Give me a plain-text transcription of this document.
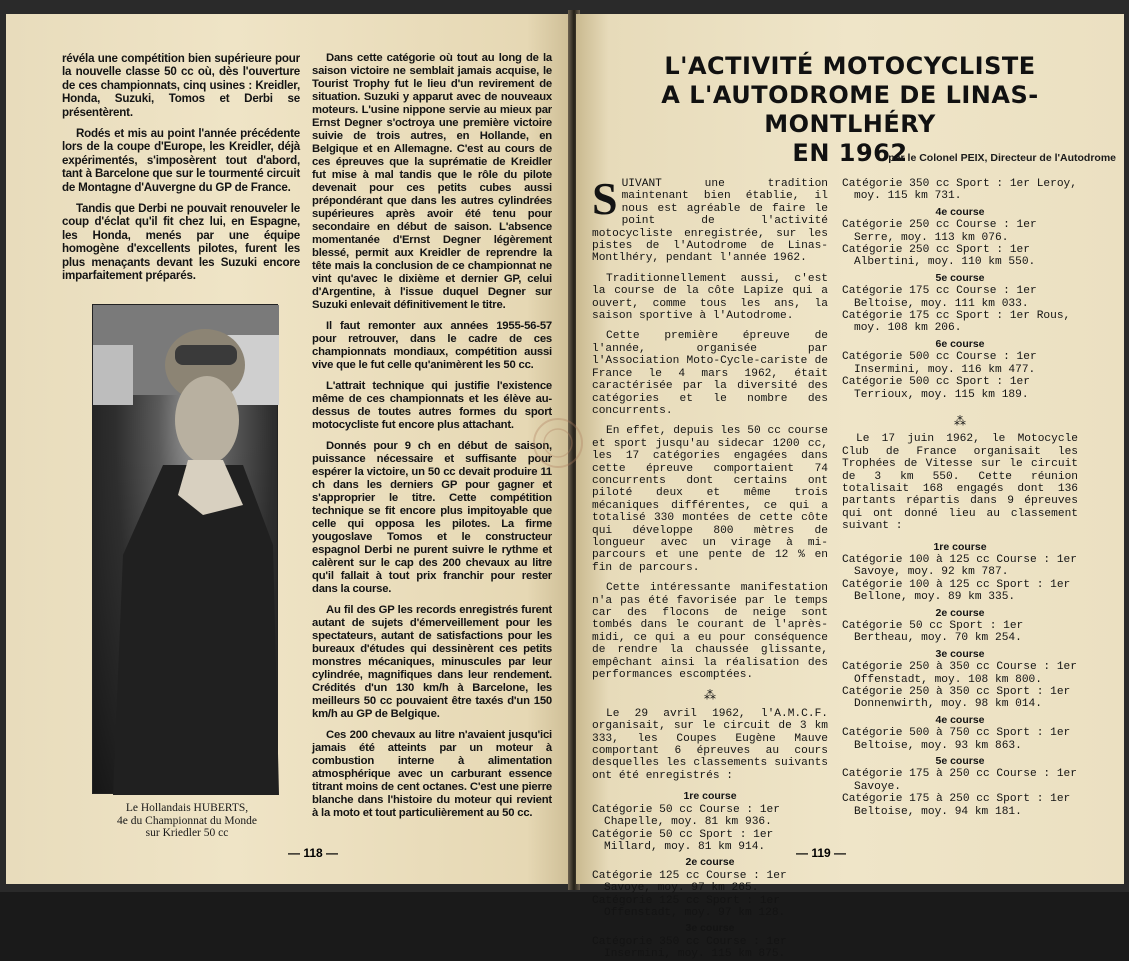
révéla une compétition bien supérieure pour la nouvelle classe 50 cc où, dès l'ouverture de ces championnats, cinq usines : Kreidler, Honda, Suzuki, Tomos et Derbi se présentèrent.

Rodés et mis au point l'année précédente lors de la coupe d'Europe, les Kreidler, déjà expérimentés, s'imposèrent tout d'abord, tant à Barcelone que sur le tourmenté circuit de Montagne d'Auvergne du GP de France.

Tandis que Derbi ne pouvait renouveler le coup d'éclat qu'il fit chez lui, en Espagne, les Honda, menés par une équipe homogène d'excellents pilotes, furent les plus menaçants devant les Suzuki encore imparfaitement préparés.

Dans cette catégorie où tout au long de la saison victoire ne semblait jamais acquise, le Tourist Trophy fut le lieu d'un revirement de situation. Suzuki y apparut avec de nouveaux moteurs. L'usine nippone servie au mieux par Ernst Degner s'octroya une première victoire suivie de trois autres, en Hollande, en Belgique et en Allemagne. C'est au cours de ces épreuves que la suprématie de Kreidler fut mise à mal tandis que le rôle du pilote devenait pour ces petits cubes aussi prépondérant que dans les autres cylindrées supérieures après avoir été tenu pour secondaire en début de saison. L'absence momentanée d'Ernst Degner légèrement blessé, permit aux Kreidler de reprendre la tête mais la conclusion de ce championnat ne vint qu'avec le dixième et dernier GP, celui d'Argentine, à l'issue duquel Degner sur Suzuki enlevait définitivement le titre.

Il faut remonter aux années 1955-56-57 pour retrouver, dans le cadre de ces championnats mondiaux, compétition aussi vive que le fut celle qu'animèrent les 50 cc.

L'attrait technique qui justifie l'existence même de ces championnats et les élève au-dessus de toutes autres formes du sport motocycliste fut encore plus attachant.

Donnés pour 9 ch en début de saison, puissance nécessaire et suffisante pour espérer la victoire, un 50 cc devait produire 11 ch dans les derniers GP pour gagner et s'approprier le titre. Cette compétition technique se fit encore plus impitoyable que celle qui opposa les pilotes. La firme yougoslave Tomos et le constructeur espagnol Derbi ne purent suivre le rythme et calèrent sur le cap des 200 chevaux au litre qu'il fallait à tout prix franchir pour rester dans la course.

Au fil des GP les records enregistrés furent autant de sujets d'émerveillement pour les spectateurs, autant de satisfactions pour les bureaux d'études qui dessinèrent ces petits monstres mécaniques, minuscules par leur cylindrée, magnifiques dans leur rendement. Crédités d'un 130 km/h à Barcelone, les meilleurs 50 cc pouvaient être taxés d'un 150 km/h au GP de Belgique.

Ces 200 chevaux au litre n'avaient jusqu'ici jamais été atteints par un moteur à combustion interne à alimentation atmosphérique avec un carburant essence titrant moins de cent octanes. C'est une pierre blanche dans l'histoire du moteur qui revient à la moto et tout particulièrement au 50 cc.

Le Hollandais HUBERTS,
4e du Championnat du Monde
sur Kriedler 50 cc
— 118 —
L'ACTIVITÉ MOTOCYCLISTE
A L'AUTODROME DE LINAS-MONTLHÉRY
EN 1962
par le Colonel PEIX, Directeur de l'Autodrome

SUIVANT une tradition maintenant bien établie, il nous est agréable de faire le point de l'activité motocycliste enregistrée, sur les pistes de l'Autodrome de Linas-Montlhéry, pendant l'année 1962.

Traditionnellement aussi, c'est la course de la côte Lapize qui a ouvert, comme tous les ans, la saison sportive à l'Autodrome.

Cette première épreuve de l'année, organisée par l'Association Moto-Cycle-cariste de France le 4 mars 1962, était caractérisée par la diversité des catégories et le nombre des concurrents.

En effet, depuis les 50 cc course et sport jusqu'au sidecar 1200 cc, les 17 catégories engagées dans cette épreuve comportaient 74 concurrents dont certains ont piloté deux et même trois mécaniques différentes, ce qui a totalisé 330 montées de cette côte qui développe 800 mètres de longueur avec un virage à mi-parcours et une pente de 12 % en fin de parcours.

Cette intéressante manifestation n'a pas été favorisée par le temps car des flocons de neige sont tombés dans le courant de l'après-midi, ce qui a eu pour conséquence de rendre la chaussée glissante, empêchant ainsi la réalisation des performances escomptées.

⁂

Le 29 avril 1962, l'A.M.C.F. organisait, sur le circuit de 3 km 333, les Coupes Eugène Mauve comportant 6 épreuves au cours desquelles les classements suivants ont été enregistrés :

1re course

Catégorie 50 cc Course : 1er Chapelle, moy. 81 km 936.

Catégorie 50 cc Sport : 1er Millard, moy. 81 km 914.

2e course

Catégorie 125 cc Course : 1er Savoye, moy. 97 km 265.

Catégorie 125 cc Sport : 1er Offenstadt, moy. 97 km 128.

3e course

Catégorie 350 cc Course : 1er Insermini, moy. 115 km 875.

Catégorie 350 cc Sport : 1er Leroy, moy. 115 km 731.

4e course

Catégorie 250 cc Course : 1er Serre, moy. 113 km 076.

Catégorie 250 cc Sport : 1er Albertini, moy. 110 km 550.

5e course

Catégorie 175 cc Course : 1er Beltoise, moy. 111 km 033.

Catégorie 175 cc Sport : 1er Rous, moy. 108 km 206.

6e course

Catégorie 500 cc Course : 1er Insermini, moy. 116 km 477.

Catégorie 500 cc Sport : 1er Terrioux, moy. 115 km 189.

⁂

Le 17 juin 1962, le Motocycle Club de France organisait les Trophées de Vitesse sur le circuit de 3 km 550. Cette réunion totalisait 168 engagés dont 136 partants répartis dans 9 épreuves qui ont donné lieu au classement suivant :

1re course

Catégorie 100 à 125 cc Course : 1er Savoye, moy. 92 km 787.

Catégorie 100 à 125 cc Sport : 1er Bellone, moy. 89 km 335.

2e course

Catégorie 50 cc Sport : 1er Bertheau, moy. 70 km 254.

3e course

Catégorie 250 à 350 cc Course : 1er Offenstadt, moy. 108 km 800.

Catégorie 250 à 350 cc Sport : 1er Donnenwirth, moy. 98 km 014.

4e course

Catégorie 500 à 750 cc Sport : 1er Beltoise, moy. 93 km 863.

5e course

Catégorie 175 à 250 cc Course : 1er Savoye.

Catégorie 175 à 250 cc Sport : 1er Beltoise, moy. 94 km 181.

— 119 —
